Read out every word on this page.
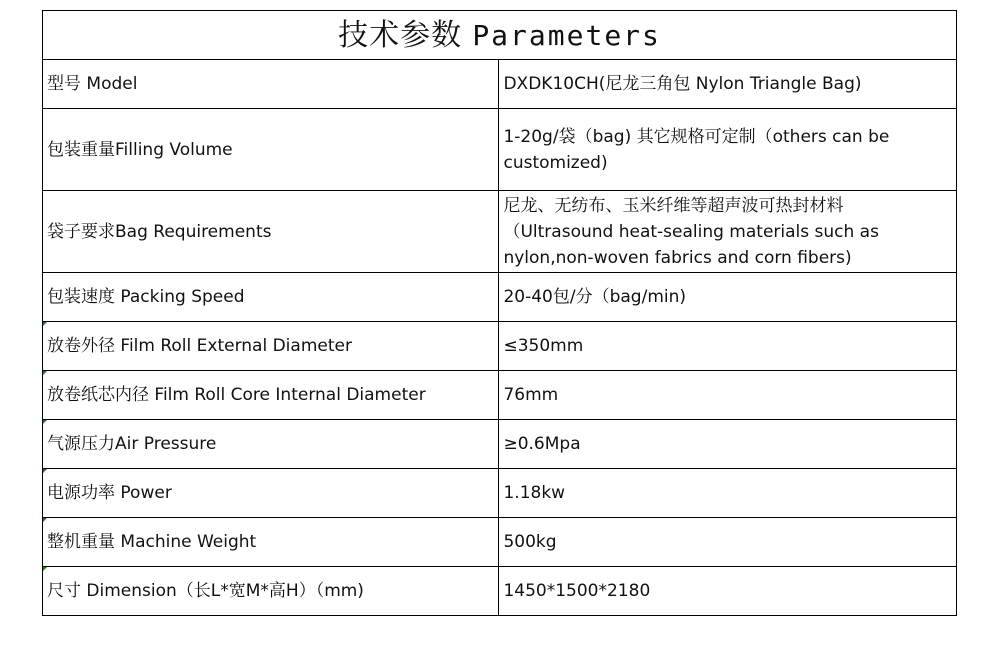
技术参数 Parameters	
型号 Model	DXDK10CH(尼龙三角包 Nylon Triangle Bag)
包装重量Filling Volume	1-20g/袋（bag) 其它规格可定制（others can be customized)
袋子要求Bag Requirements	尼龙、无纺布、玉米纤维等超声波可热封材料（Ultrasound heat-sealing materials such as nylon,non-woven fabrics and corn fibers)
包装速度 Packing Speed	20-40包/分（bag/min)
放卷外径 Film Roll External Diameter	≤350mm
放卷纸芯内径 Film Roll Core Internal Diameter	76mm
气源压力Air Pressure	≥0.6Mpa
电源功率 Power	1.18kw
整机重量 Machine Weight	500kg
尺寸 Dimension（长L*宽M*高H）（mm)	1450*1500*2180
